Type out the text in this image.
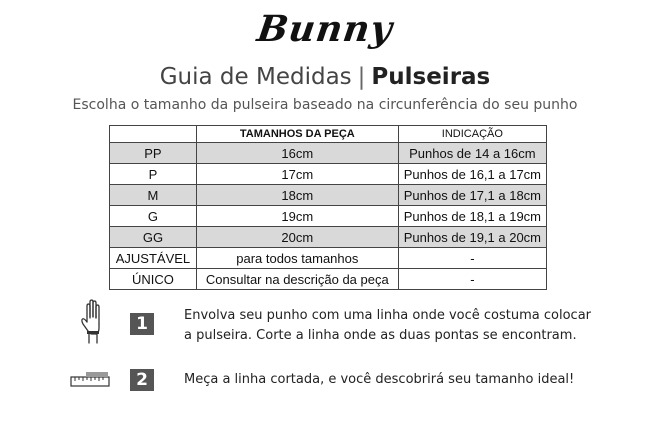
Bunny
Guia de Medidas | Pulseiras
Escolha o tamanho da pulseira baseado na circunferência do seu punho
	TAMANHOS DA PEÇA	INDICAÇÃO
PP	16cm	Punhos de 14 a 16cm
P	17cm	Punhos de 16,1 a 17cm
M	18cm	Punhos de 17,1 a 18cm
G	19cm	Punhos de 18,1 a 19cm
GG	20cm	Punhos de 19,1 a 20cm
AJUSTÁVEL	para todos tamanhos	-
ÚNICO	Consultar na descrição da peça	-
1	Envolva seu punho com uma linha onde você costuma colocar
a pulseira. Corte a linha onde as duas pontas se encontram.
2	Meça a linha cortada, e você descobrirá seu tamanho ideal!
